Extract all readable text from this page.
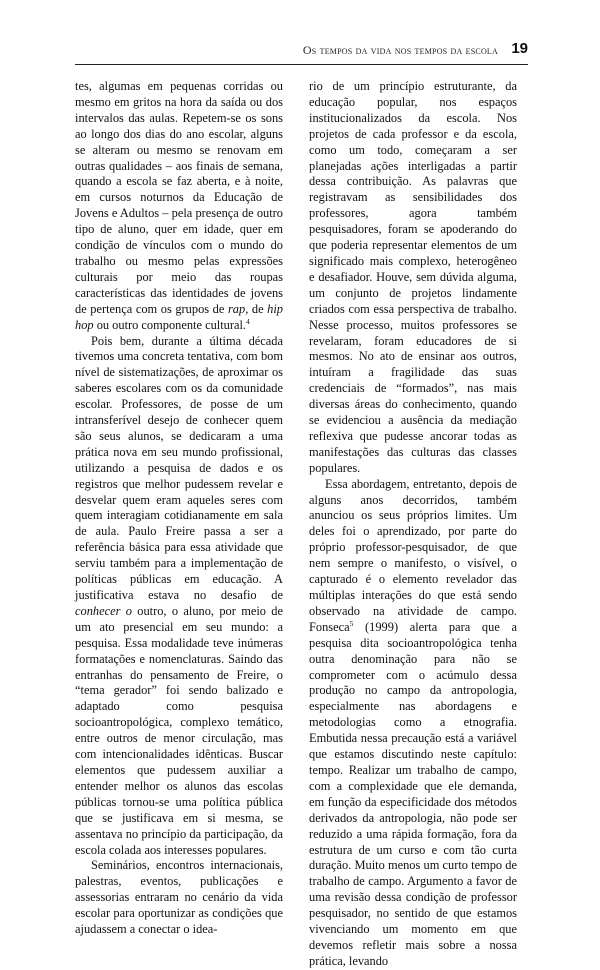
Os tempos da vida nos tempos da escola 19

tes, algumas em pequenas corridas ou mesmo em gritos na hora da saída ou dos intervalos das aulas. Repetem-se os sons ao longo dos dias do ano escolar, alguns se alteram ou mesmo se renovam em outras qualidades – aos finais de semana, quando a escola se faz aberta, e à noite, em cursos noturnos da Educação de Jovens e Adultos – pela presença de outro tipo de aluno, quer em idade, quer em condição de vínculos com o mundo do trabalho ou mesmo pelas expressões culturais por meio das roupas características das identidades de jovens de pertença com os grupos de rap, de hip hop ou outro componente cultural.$^4$

Pois bem, durante a última década tivemos uma concreta tentativa, com bom nível de sistematizações, de aproximar os saberes escolares com os da comunidade escolar. Professores, de posse de um intransferível desejo de conhecer quem são seus alunos, se dedicaram a uma prática nova em seu mundo profissional, utilizando a pesquisa de dados e os registros que melhor pudessem revelar e desvelar quem eram aqueles seres com quem interagiam cotidianamente em sala de aula. Paulo Freire passa a ser a referência básica para essa atividade que serviu também para a implementação de políticas públicas em educação. A justificativa estava no desafio de conhecer o outro, o aluno, por meio de um ato presencial em seu mundo: a pesquisa. Essa modalidade teve inúmeras formatações e nomenclaturas. Saindo das entranhas do pensamento de Freire, o “tema gerador” foi sendo balizado e adaptado como pesquisa socioantropológica, complexo temático, entre outros de menor circulação, mas com intencionalidades idênticas. Buscar elementos que pudessem auxiliar a entender melhor os alunos das escolas públicas tornou-se uma política pública que se justificava em si mesma, se assentava no princípio da participação, da escola colada aos interesses populares.

Seminários, encontros internacionais, palestras, eventos, publicações e assessorias entraram no cenário da vida escolar para oportunizar as condições que ajudassem a conectar o idea-

rio de um princípio estruturante, da educação popular, nos espaços institucionalizados da escola. Nos projetos de cada professor e da escola, como um todo, começaram a ser planejadas ações interligadas a partir dessa contribuição. As palavras que registravam as sensibilidades dos professores, agora também pesquisadores, foram se apoderando do que poderia representar elementos de um significado mais complexo, heterogêneo e desafiador. Houve, sem dúvida alguma, um conjunto de projetos lindamente criados com essa perspectiva de trabalho. Nesse processo, muitos professores se revelaram, foram educadores de si mesmos. No ato de ensinar aos outros, intuíram a fragilidade das suas credenciais de “formados”, nas mais diversas áreas do conhecimento, quando se evidenciou a ausência da mediação reflexiva que pudesse ancorar todas as manifestações das culturas das classes populares.

Essa abordagem, entretanto, depois de alguns anos decorridos, também anunciou os seus próprios limites. Um deles foi o aprendizado, por parte do próprio professor-pesquisador, de que nem sempre o manifesto, o visível, o capturado é o elemento revelador das múltiplas interações do que está sendo observado na atividade de campo. Fonseca$^5$ (1999) alerta para que a pesquisa dita socioantropológica tenha outra denominação para não se comprometer com o acúmulo dessa produção no campo da antropologia, especialmente nas abordagens e metodologias como a etnografia. Embutida nessa precaução está a variável que estamos discutindo neste capítulo: tempo. Realizar um trabalho de campo, com a complexidade que ele demanda, em função da especificidade dos métodos derivados da antropologia, não pode ser reduzido a uma rápida formação, fora da estrutura de um curso e com tão curta duração. Muito menos um curto tempo de trabalho de campo. Argumento a favor de uma revisão dessa condição de professor pesquisador, no sentido de que estamos vivenciando um momento em que devemos refletir mais sobre a nossa prática, levando
